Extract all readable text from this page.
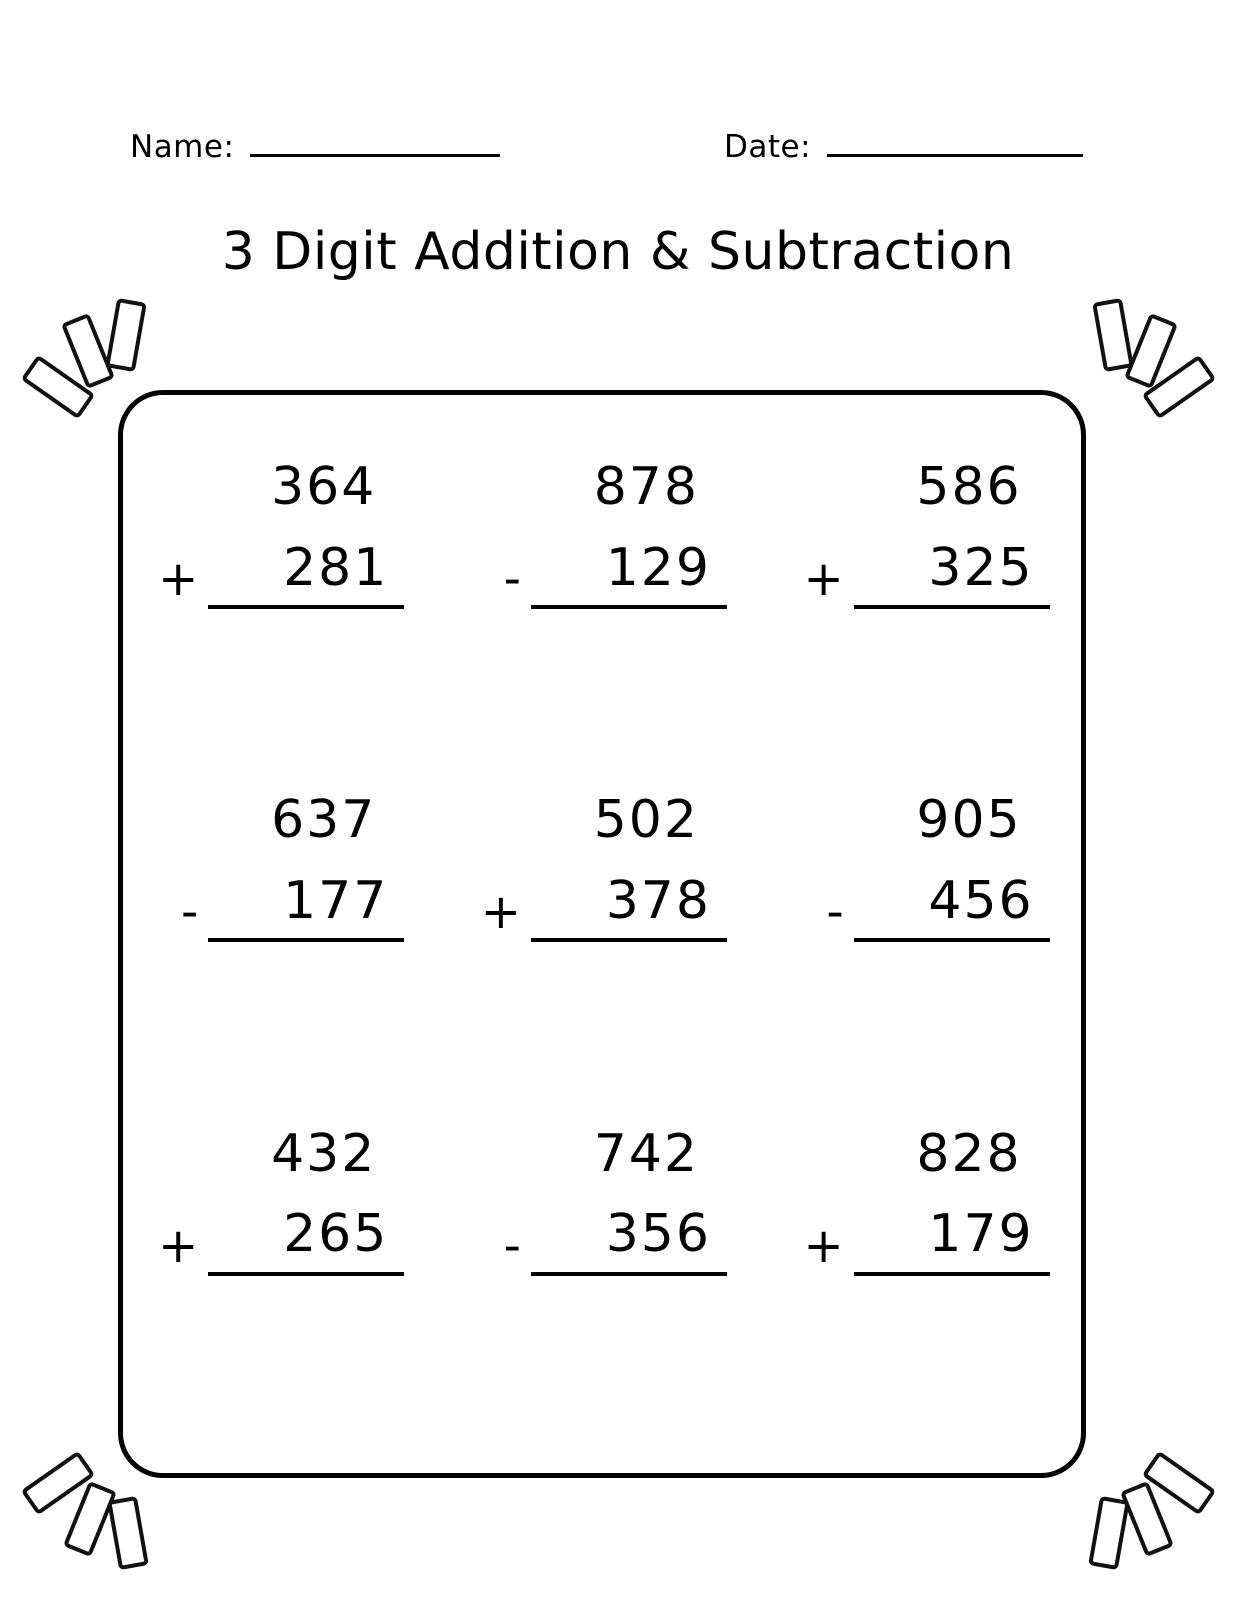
Name:	Date:
3 Digit Addition & Subtraction
364
+	281
878
-	129
586
+	325
637
-	177
502
+	378
905
-	456
432
+	265
742
-	356
828
+	179
